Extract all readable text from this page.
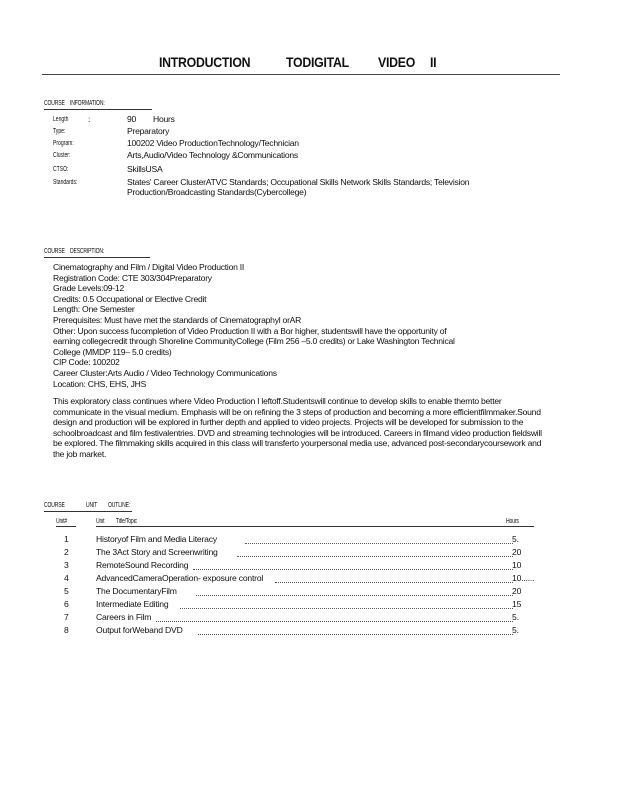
INTRODUCTION	TODIGITAL VIDEO II
COURSE INFORMATION:
Length :	90 Hours
Type:	Preparatory
Program:	100202 Video ProductionTechnology/Technician
Cluster:	Arts,Audio/Video Technology &Communications
CTSO:	SkillsUSA
Standards:	States' Career ClusterATVC Standards; Occupational Skills Network Skills Standards; Television
Production/Broadcasting Standards(Cybercollege)
COURSE DESCRIPTION:
Cinematography and Film / Digital Video Production II
Registration Code: CTE 303/304Preparatory
Grade Levels:09-12
Credits: 0.5 Occupational or Elective Credit
Length: One Semester
Prerequisites: Must have met the standards of Cinematographyl orAR
Other: Upon success fucompletion of Video Production II with a Bor higher, studentswill have the opportunity of
earning collegecredit through Shoreline CommunityCollege (Film 256 –5.0 credits) or Lake Washington Technical
College (MMDP 119– 5.0 credits)
CIP Code: 100202
Career Cluster:Arts Audio / Video Technology Communications
Location: CHS, EHS, JHS
This exploratory class continues where Video Production I leftoff.Studentswill continue to develop skills to enable themto better communicate in the visual medium. Emphasis will be on refining the 3 steps of production and becoming a more efficientfilmmaker.Sound design and production will be explored in further depth and applied to video projects. Projects will be developed for submission to the schoolbroadcast and film festivalentries. DVD and streaming technologies will be introduced. Careers in filmand video production fieldswill be explored. The filmmaking skills acquired in this class will transferto yourpersonal media use, advanced post-secondarycoursework and the job market.
COURSE	UNIT OUTLINE:
Unit#	Unit Title/Topic	Hours
1	Historyof Film and Media Literacy	5.
2	The 3Act Story and Screenwriting	20
3	RemoteSound Recording	10
4	AdvancedCameraOperation- exposure control	10......
5	The DocumentaryFilm	20
6	Intermediate Editing	15
7	Careers in Film	5.
8	Output forWeband DVD	5.
